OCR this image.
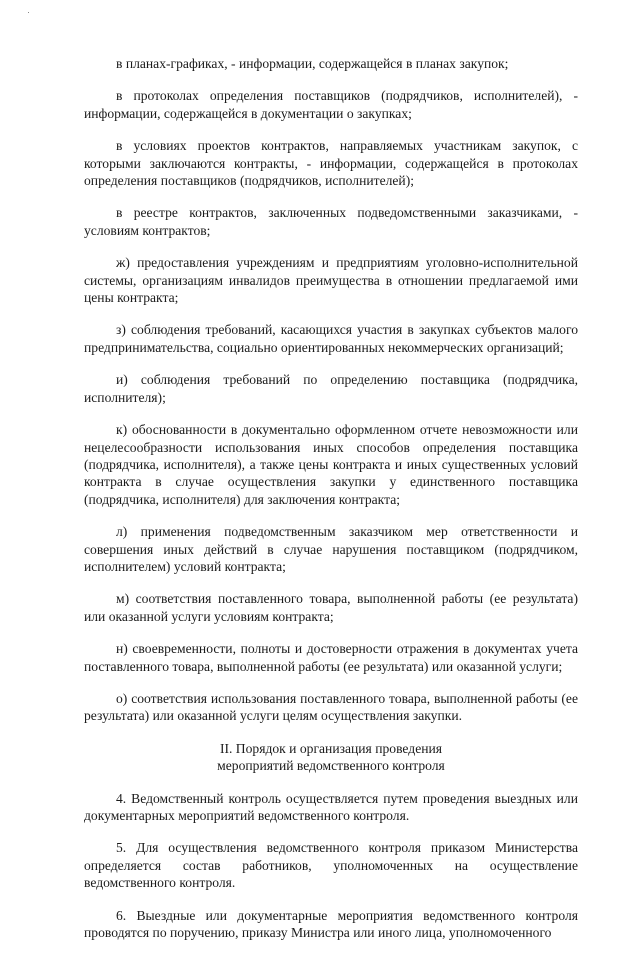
в планах-графиках, - информации, содержащейся в планах закупок;

в протоколах определения поставщиков (подрядчиков, исполнителей), - информации, содержащейся в документации о закупках;

в условиях проектов контрактов, направляемых участникам закупок, с которыми заключаются контракты, - информации, содержащейся в протоколах определения поставщиков (подрядчиков, исполнителей);

в реестре контрактов, заключенных подведомственными заказчиками, - условиям контрактов;

ж) предоставления учреждениям и предприятиям уголовно-исполнительной системы, организациям инвалидов преимущества в отношении предлагаемой ими цены контракта;

з) соблюдения требований, касающихся участия в закупках субъектов малого предпринимательства, социально ориентированных некоммерческих организаций;

и) соблюдения требований по определению поставщика (подрядчика, исполнителя);

к) обоснованности в документально оформленном отчете невозможности или нецелесообразности использования иных способов определения поставщика (подрядчика, исполнителя), а также цены контракта и иных существенных условий контракта в случае осуществления закупки у единственного поставщика (подрядчика, исполнителя) для заключения контракта;

л) применения подведомственным заказчиком мер ответственности и совершения иных действий в случае нарушения поставщиком (подрядчиком, исполнителем) условий контракта;

м) соответствия поставленного товара, выполненной работы (ее результата) или оказанной услуги условиям контракта;

н) своевременности, полноты и достоверности отражения в документах учета поставленного товара, выполненной работы (ее результата) или оказанной услуги;

о) соответствия использования поставленного товара, выполненной работы (ее результата) или оказанной услуги целям осуществления закупки.

II. Порядок и организация проведения
мероприятий ведомственного контроля

4. Ведомственный контроль осуществляется путем проведения выездных или документарных мероприятий ведомственного контроля.

5. Для осуществления ведомственного контроля приказом Министерства определяется состав работников, уполномоченных на осуществление ведомственного контроля.

6. Выездные или документарные мероприятия ведомственного контроля проводятся по поручению, приказу Министра или иного лица, уполномоченного
